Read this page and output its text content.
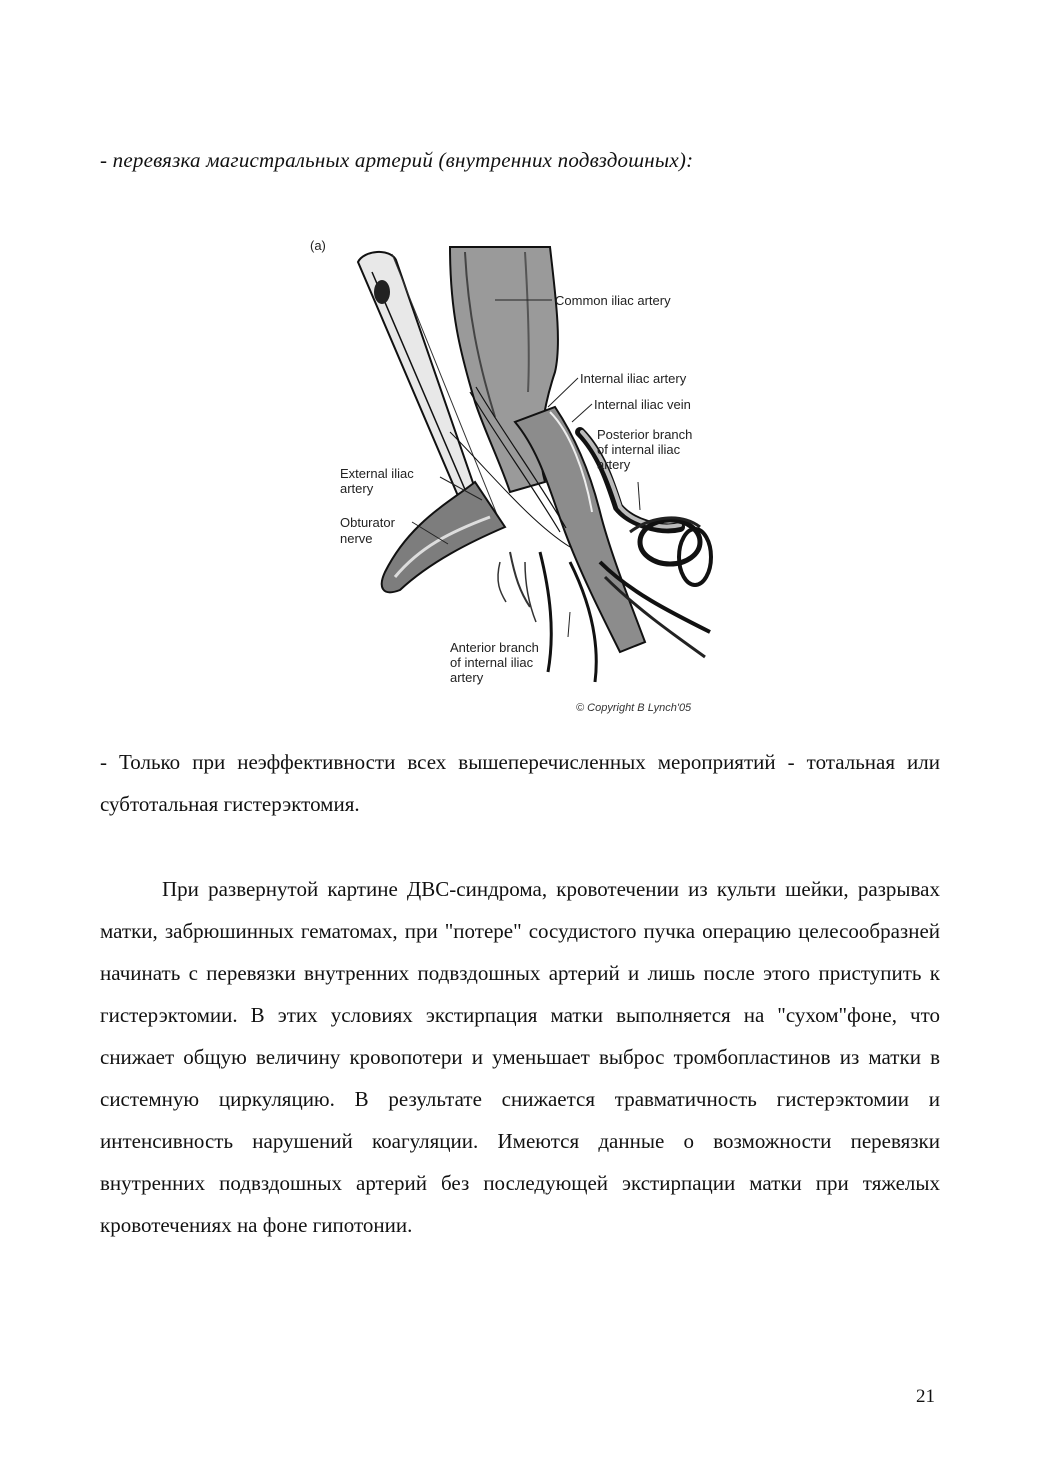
- перевязка магистральных артерий (внутренних подвздошных):
(a)
Common iliac artery
Internal iliac artery
Internal iliac vein
Posterior branch
of internal iliac
artery
External iliac
artery
Obturator
nerve
Anterior branch
of internal iliac
artery
© Copyright B Lynch'05
- Только при неэффективности всех вышеперечисленных мероприятий - тотальная или субтотальная гистерэктомия.
При развернутой картине ДВС-синдрома, кровотечении из культи шейки, разрывах матки, забрюшинных гематомах, при "потере" сосудистого пучка операцию целесообразней начинать с перевязки внутренних подвздошных артерий и лишь после этого приступить к гистерэктомии. В этих условиях экстирпация матки выполняется на "сухом"фоне, что снижает общую величину кровопотери и уменьшает выброс тромбопластинов из матки в системную циркуляцию. В результате снижается травматичность гистерэктомии и интенсивность нарушений коагуляции. Имеются данные о возможности перевязки внутренних подвздошных артерий без последующей экстирпации матки при тяжелых кровотечениях на фоне гипотонии.
21
